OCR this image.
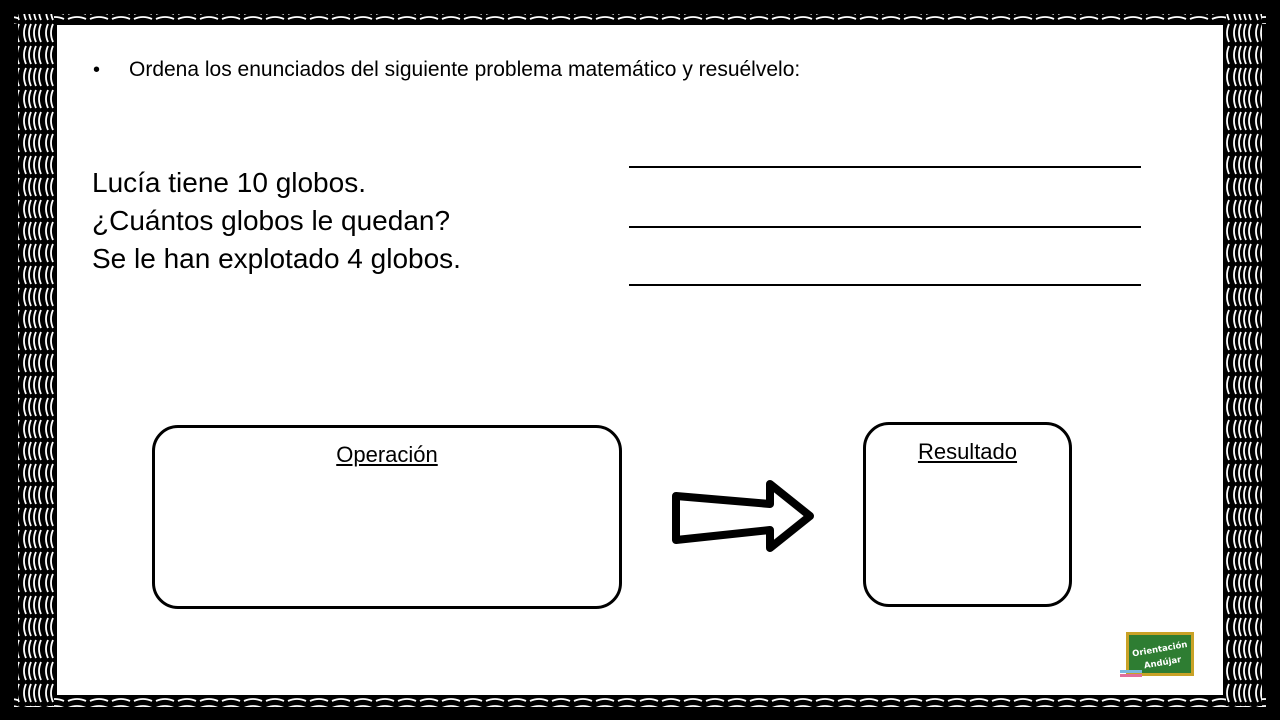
•	Ordena los enunciados del siguiente problema matemático y resuélvelo:
Lucía tiene 10 globos.
¿Cuántos globos le quedan?
Se le han explotado 4 globos.
Operación	Resultado
Orientación
Andújar
